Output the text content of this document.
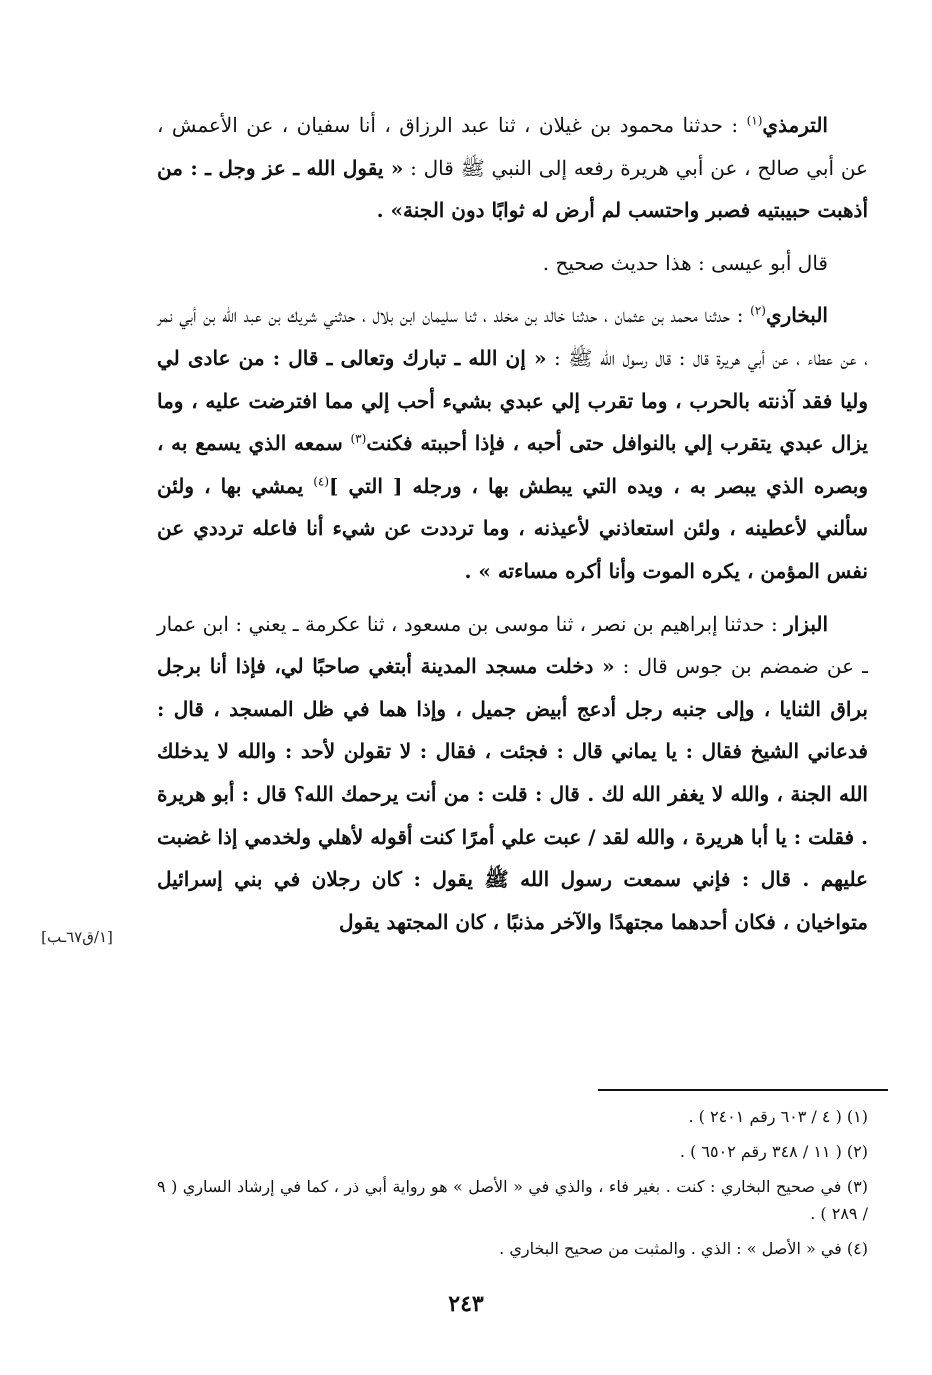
الترمذي$^{(١)}$ : حدثنا محمود بن غيلان ، ثنا عبد الرزاق ، أنا سفيان ، عن الأعمش ، عن أبي صالح ، عن أبي هريرة رفعه إلى النبي ﷺ قال : « يقول الله ـ عز وجل ـ : من أذهبت حبيبتيه فصبر واحتسب لم أرض له ثوابًا دون الجنة» .

قال أبو عيسى : هذا حديث صحيح .

البخاري$^{(٢)}$ : حدثنا محمد بن عثمان ، حدثنا خالد بن مخلد ، ثنا سليمان ابن بلال ، حدثني شريك بن عبد الله بن أبي نمر ، عن عطاء ، عن أبي هريرة قال : قال رسول الله ﷺ : « إن الله ـ تبارك وتعالى ـ قال : من عادى لي وليا فقد آذنته بالحرب ، وما تقرب إلي عبدي بشيء أحب إلي مما افترضت عليه ، وما يزال عبدي يتقرب إلي بالنوافل حتى أحبه ، فإذا أحببته فكنت$^{(٣)}$ سمعه الذي يسمع به ، وبصره الذي يبصر به ، ويده التي يبطش بها ، ورجله [ التي ]$^{(٤)}$ يمشي بها ، ولئن سألني لأعطينه ، ولئن استعاذني لأعيذنه ، وما ترددت عن شيء أنا فاعله ترددي عن نفس المؤمن ، يكره الموت وأنا أكره مساءته » .

البزار : حدثنا إبراهيم بن نصر ، ثنا موسى بن مسعود ، ثنا عكرمة ـ يعني : ابن عمار ـ عن ضمضم بن جوس قال : « دخلت مسجد المدينة أبتغي صاحبًا لي، فإذا أنا برجل براق الثنايا ، وإلى جنبه رجل أدعج أبيض جميل ، وإذا هما في ظل المسجد ، قال : فدعاني الشيخ فقال : يا يماني قال : فجئت ، فقال : لا تقولن لأحد : والله لا يدخلك الله الجنة ، والله لا يغفر الله لك . قال : قلت : من أنت يرحمك الله؟ قال : أبو هريرة . فقلت : يا أبا هريرة ، والله لقد / عبت علي أمرًا كنت أقوله لأهلي ولخدمي إذا غضبت عليهم . قال : فإني سمعت رسول الله ﷺ يقول : كان رجلان في بني إسرائيل متواخيان ، فكان أحدهما مجتهدًا والآخر مذنبًا ، كان المجتهد يقول

[١/ق٦٧ـب]
(١) ( ٤ / ٦٠٣ رقم ٢٤٠١ ) .
(٢) ( ١١ / ٣٤٨ رقم ٦٥٠٢ ) .
(٣) في صحيح البخاري : كنت . بغير فاء ، والذي في « الأصل » هو رواية أبي ذر ، كما في إرشاد الساري ( ٩ / ٢٨٩ ) .
(٤) في « الأصل » : الذي . والمثبت من صحيح البخاري .
٢٤٣
